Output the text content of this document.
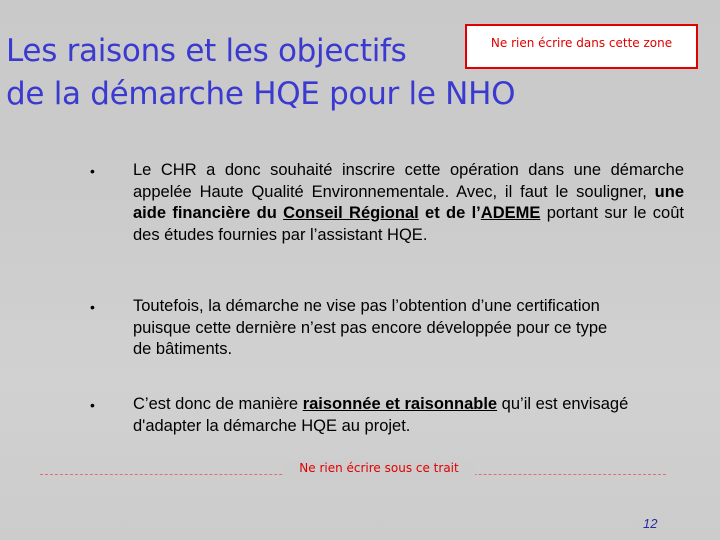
Les raisons et les objectifs
de la démarche HQE pour le NHO
Ne rien écrire dans cette zone
•	Le CHR a donc souhaité inscrire cette opération dans une démarche appelée Haute Qualité Environnementale. Avec, il faut le souligner, une aide financière du Conseil Régional et de l’ADEME portant sur le coût des études fournies par l’assistant HQE.
•	Toutefois, la démarche ne vise pas l’obtention d’une certification puisque cette dernière n’est pas encore développée pour ce type de bâtiments.
•	C’est donc de manière raisonnée et raisonnable qu’il est envisagé d'adapter la démarche HQE au projet.
Ne rien écrire sous ce trait
12
